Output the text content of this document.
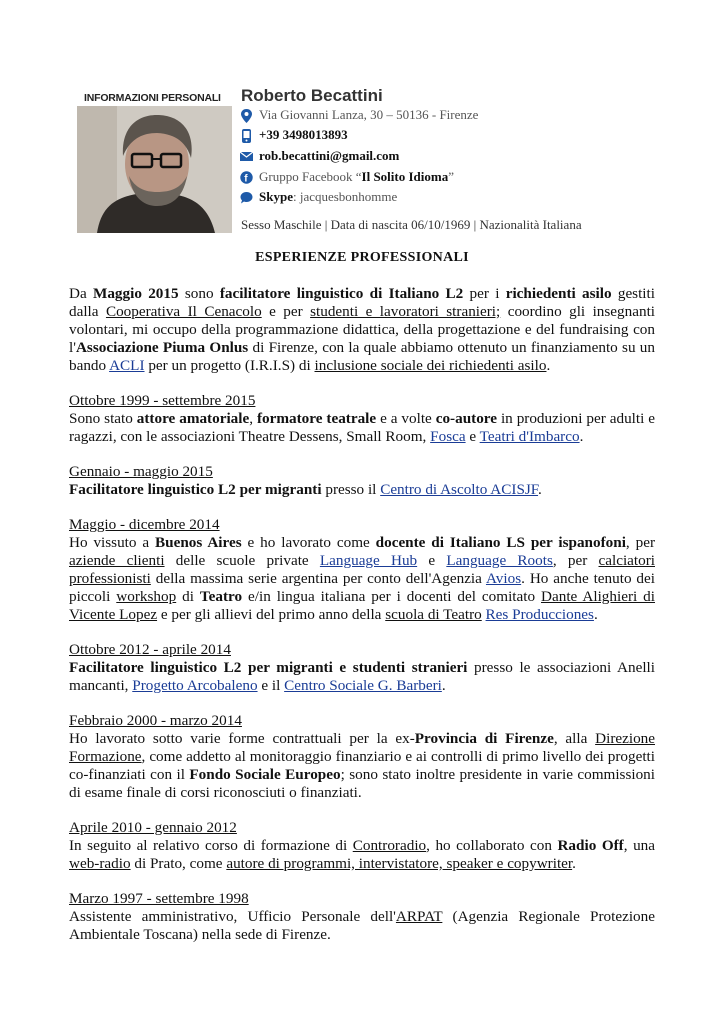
INFORMAZIONI PERSONALI Roberto Becattini
Via Giovanni Lanza, 30 – 50136 - Firenze
+39 3498013893
rob.becattini@gmail.com
f Gruppo Facebook “Il Solito Idioma”
Skype: jacquesbonhomme
Sesso Maschile | Data di nascita 06/10/1969 | Nazionalità Italiana
ESPERIENZE PROFESSIONALI

Da Maggio 2015 sono facilitatore linguistico di Italiano L2 per i richiedenti asilo gestiti dalla Cooperativa Il Cenacolo e per studenti e lavoratori stranieri; coordino gli insegnanti volontari, mi occupo della programmazione didattica, della progettazione e del fundraising con l'Associazione Piuma Onlus di Firenze, con la quale abbiamo ottenuto un finanziamento su un bando ACLI per un progetto (I.R.I.S) di inclusione sociale dei richiedenti asilo.

Ottobre 1999 - settembre 2015
Sono stato attore amatoriale, formatore teatrale e a volte co-autore in produzioni per adulti e ragazzi, con le associazioni Theatre Dessens, Small Room, Fosca e Teatri d'Imbarco.

Gennaio - maggio 2015
Facilitatore linguistico L2 per migranti presso il Centro di Ascolto ACISJF.

Maggio - dicembre 2014
Ho vissuto a Buenos Aires e ho lavorato come docente di Italiano LS per ispanofoni, per aziende clienti delle scuole private Language Hub e Language Roots, per calciatori professionisti della massima serie argentina per conto dell'Agenzia Avios. Ho anche tenuto dei piccoli workshop di Teatro e/in lingua italiana per i docenti del comitato Dante Alighieri di Vicente Lopez e per gli allievi del primo anno della scuola di Teatro Res Producciones.

Ottobre 2012 - aprile 2014
Facilitatore linguistico L2 per migranti e studenti stranieri presso le associazioni Anelli mancanti, Progetto Arcobaleno e il Centro Sociale G. Barberi.

Febbraio 2000 - marzo 2014
Ho lavorato sotto varie forme contrattuali per la ex-Provincia di Firenze, alla Direzione Formazione, come addetto al monitoraggio finanziario e ai controlli di primo livello dei progetti co-finanziati con il Fondo Sociale Europeo; sono stato inoltre presidente in varie commissioni di esame finale di corsi riconosciuti o finanziati.

Aprile 2010 - gennaio 2012
In seguito al relativo corso di formazione di Controradio, ho collaborato con Radio Off, una web-radio di Prato, come autore di programmi, intervistatore, speaker e copywriter.

Marzo 1997 - settembre 1998
Assistente amministrativo, Ufficio Personale dell'ARPAT (Agenzia Regionale Protezione Ambientale Toscana) nella sede di Firenze.
